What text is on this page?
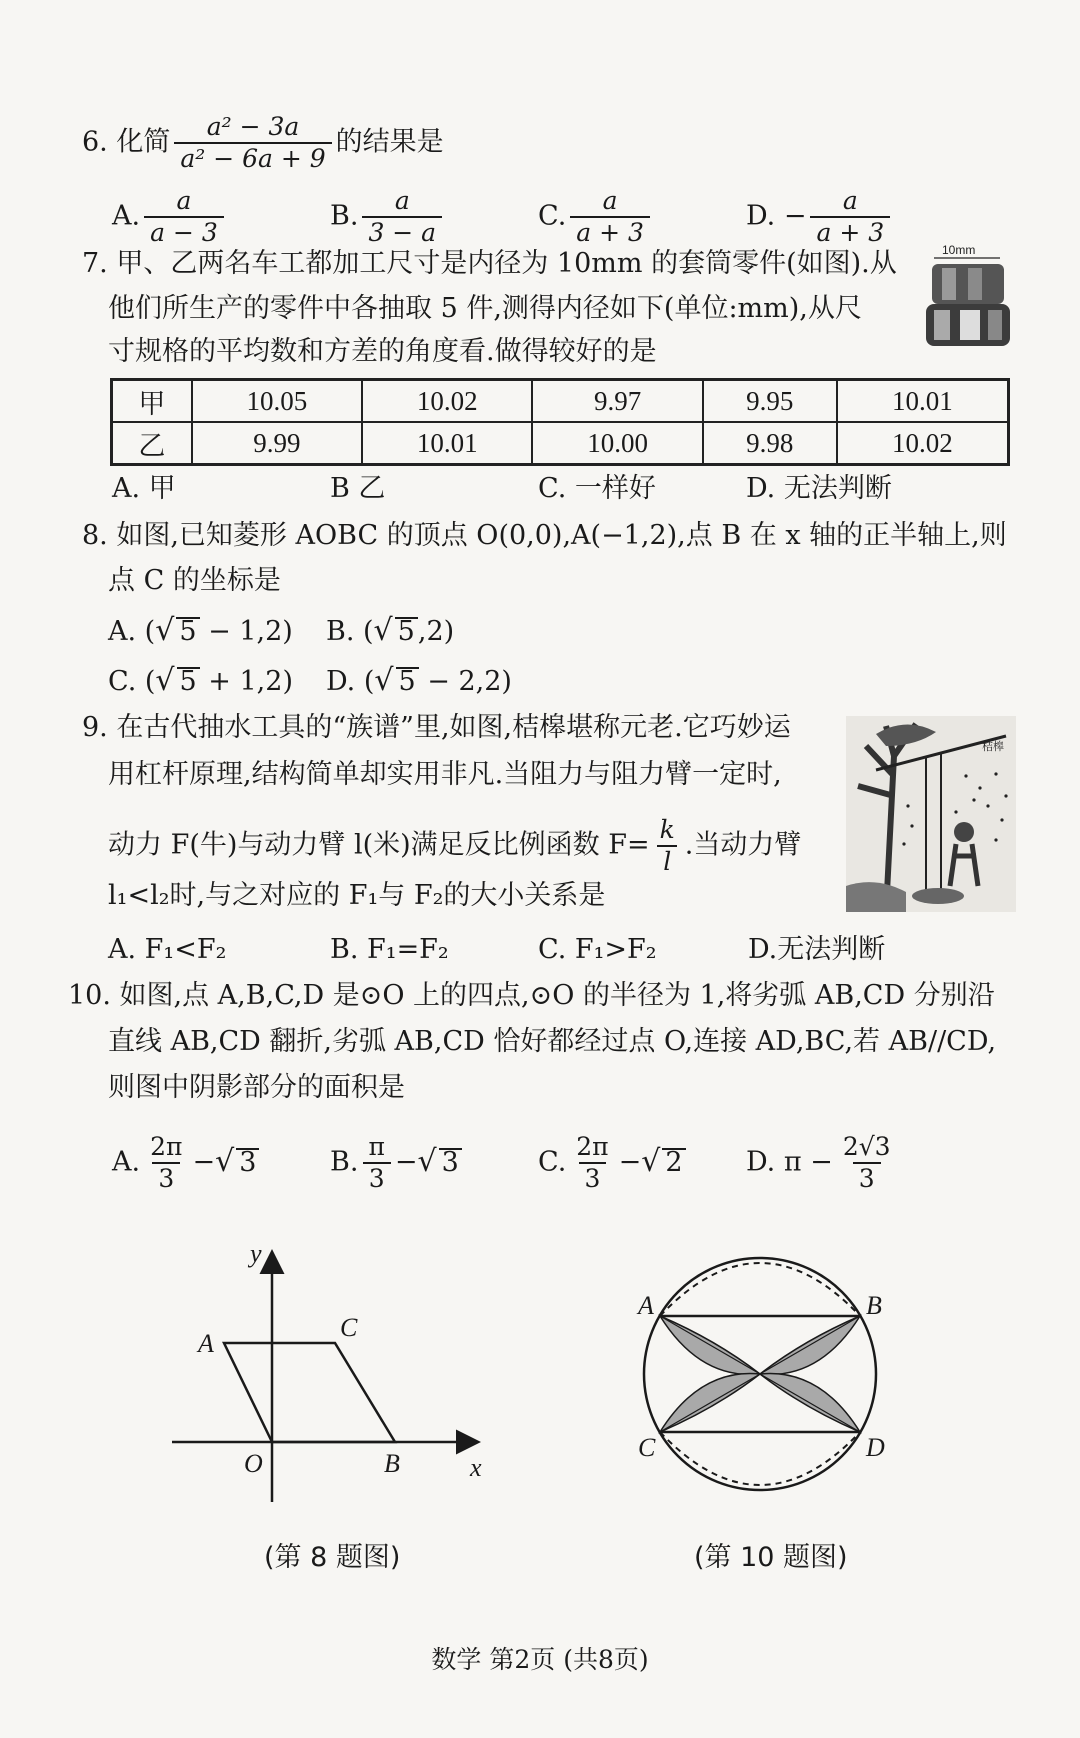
6. 化简 $\frac{\text{a² − 3a}}{\text{a² − 6a + 9}}$ 的结果是
A. $\frac{a}{a - 3}$	B. $\frac{a}{3 - a}$	C. $\frac{a}{a + 3}$	D. − $\frac{a}{a + 3}$
7. 甲、乙两名车工都加工尺寸是内径为 10mm 的套筒零件(如图).从
他们所生产的零件中各抽取 5 件,测得内径如下(单位:mm),从尺
寸规格的平均数和方差的角度看.做得较好的是
10mm
甲	10.05	10.02	9.97	9.95	10.01
乙	9.99	10.01	10.00	9.98	10.02
A. 甲	B 乙	C. 一样好	D. 无法判断
8. 如图,已知菱形 AOBC 的顶点 O(0,0),A(−1,2),点 B 在 x 轴的正半轴上,则
点 C 的坐标是
A. (√ 5 − 1,2) B. (√ 5 ,2)
C. (√ 5 + 1,2) D. (√ 5 − 2,2)
9. 在古代抽水工具的“族谱”里,如图,桔槔堪称元老.它巧妙运
用杠杆原理,结构简单却实用非凡.当阻力与阻力臂一定时,
动力 F(牛)与动力臂 l(米)满足反比例函数 $F= \frac{k}{l}$ .当动力臂
l₁<l₂时,与之对应的 F₁与 F₂的大小关系是
桔槔
A. F₁<F₂	B. F₁=F₂	C. F₁>F₂	D.无法判断
10. 如图,点 A,B,C,D 是⊙O 上的四点,⊙O 的半径为 1,将劣弧 AB,CD 分别沿
直线 AB,CD 翻折,劣弧 AB,CD 恰好都经过点 O,连接 AD,BC,若 AB//CD,
则图中阴影部分的面积是
A. $\frac{2\pi}{3}$ −√ 3	B. $\frac{\pi}{3}$ −√ 3	C. $\frac{2\pi}{3}$ −√ 2 D. $\pi - \frac{2√3}{3}$
y
x
A
C
O	B
(第 8 题图)
A	B
C	D
(第 10 题图)
数学 第2页 (共8页)
